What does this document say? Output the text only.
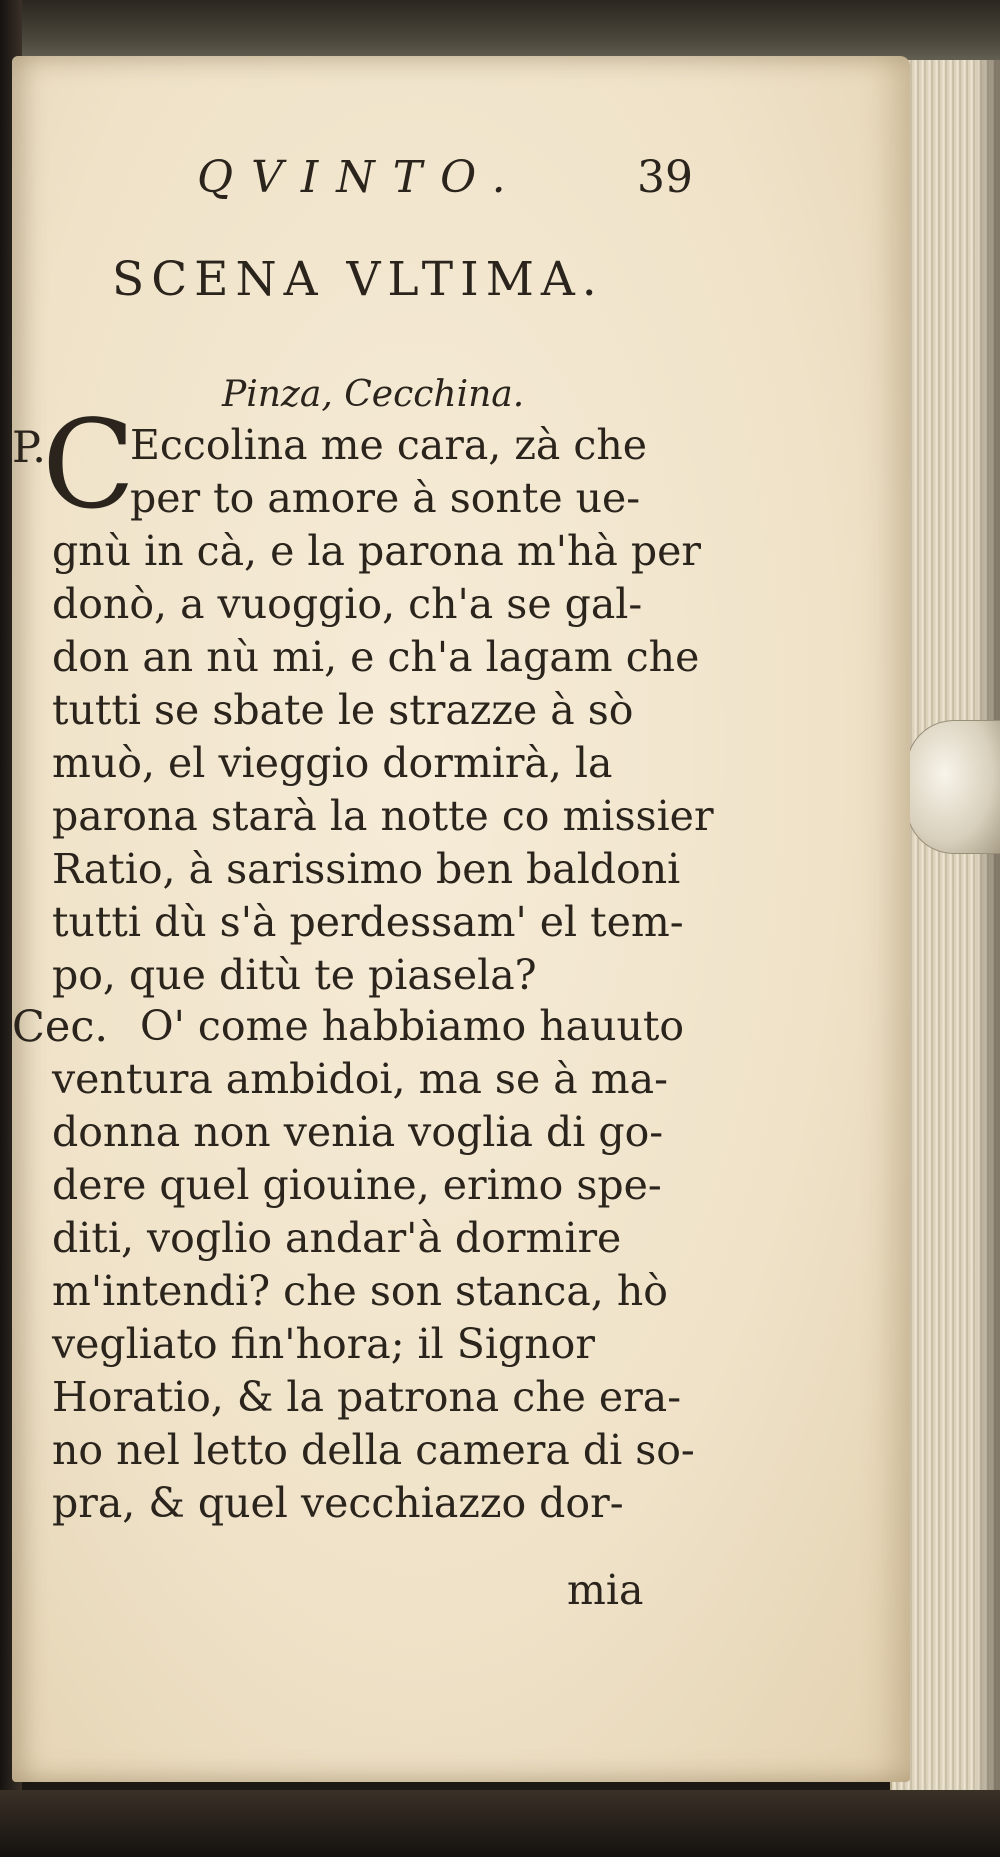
QVINTO.	39
SCENA VLTIMA.
Pinza, Cecchina.
P.
C
Eccolina me cara, zà che
per to amore à sonte ue-
gnù in cà, e la parona m'hà per
donò, a vuoggio, ch'a se gal-
don an nù mi, e ch'a lagam che
tutti se sbate le strazze à sò
muò, el vieggio dormirà, la
parona starà la notte co missier
Ratio, à sarissimo ben baldoni
tutti dù s'à perdessam' el tem-
po, que ditù te piasela?
Cec. O' come habbiamo hauuto
ventura ambidoi, ma se à ma-
donna non venia voglia di go-
dere quel giouine, erimo spe-
diti, voglio andar'à dormire
m'intendi? che son stanca, hò
vegliato fin'hora; il Signor
Horatio, & la patrona che era-
no nel letto della camera di so-
pra, & quel vecchiazzo dor-
mia
